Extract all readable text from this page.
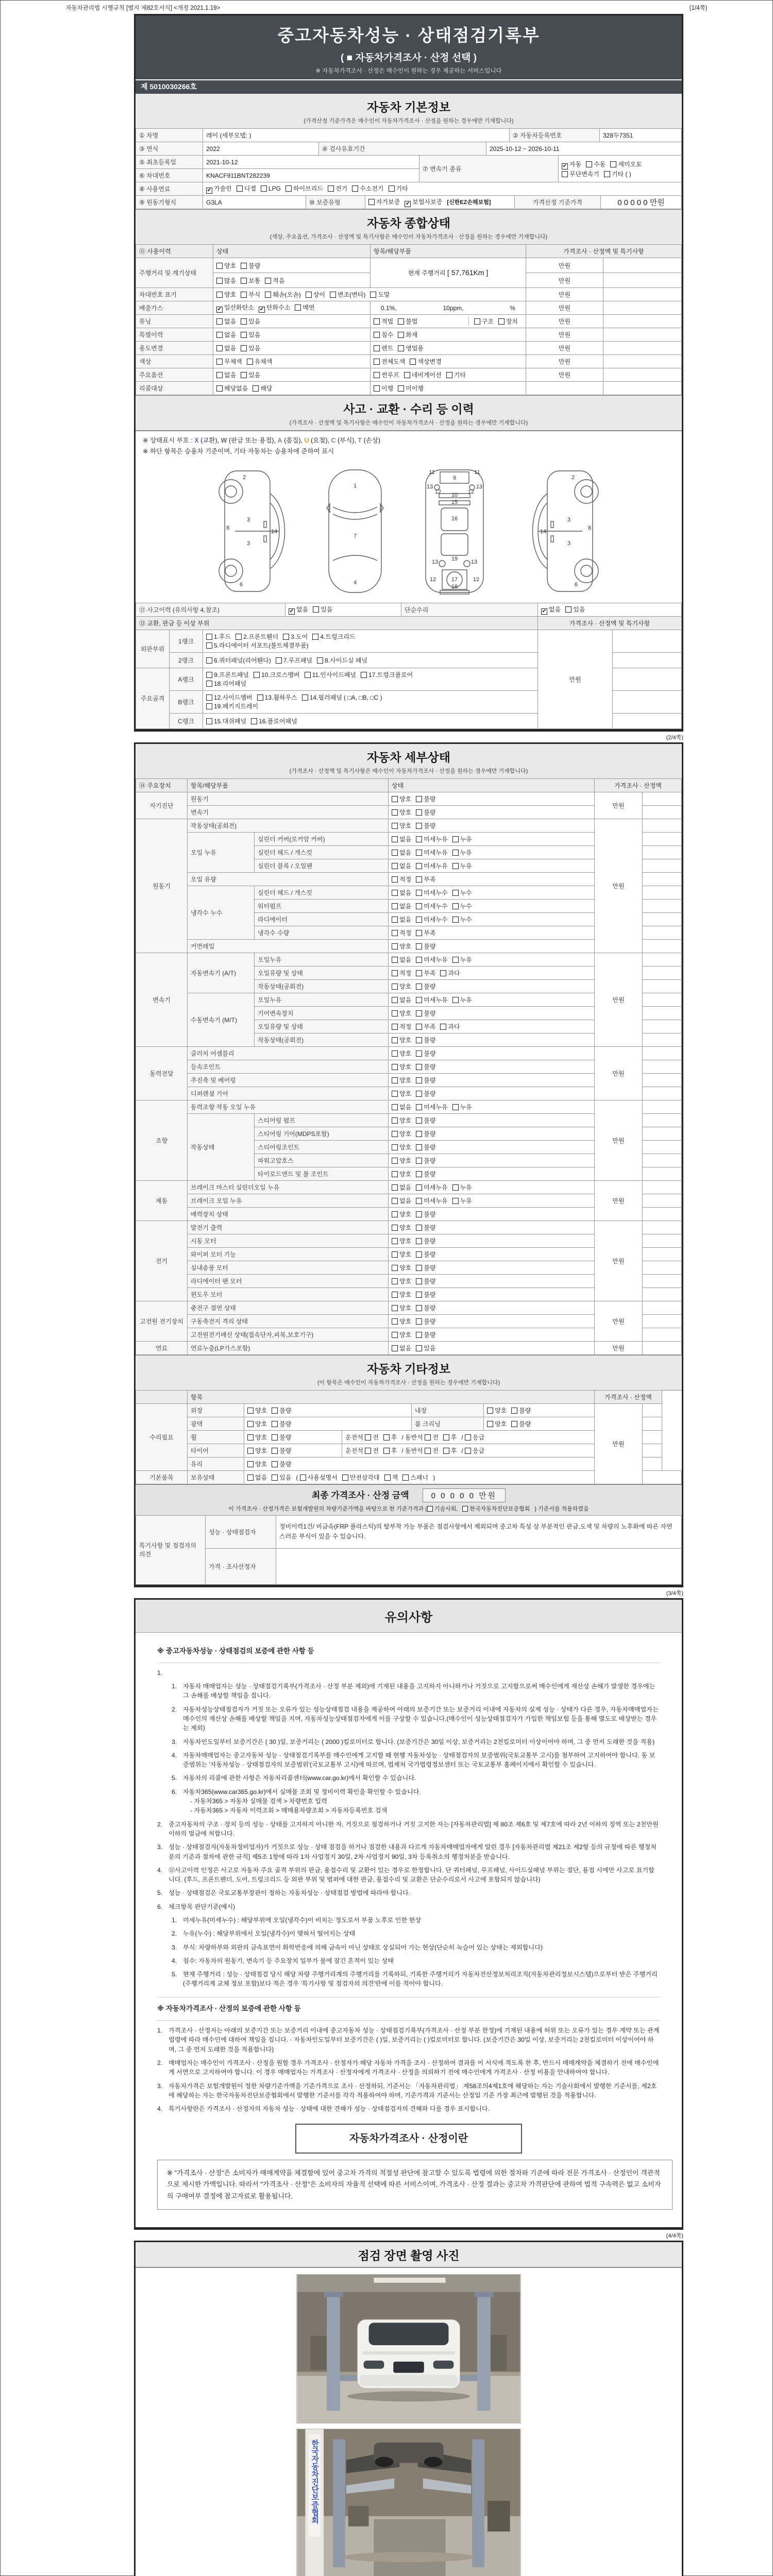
자동차관리법 시행규칙 [별지 제82호서식] <개정 2021.1.19>	(1/4쪽)
중고자동차성능 · 상태점검기록부
( ■ 자동차가격조사 · 산정 선택 )
※ 자동차가격조사 · 산정은 매수인이 원하는 경우 제공하는 서비스입니다
제 5010030266호
자동차 기본정보
(가격산정 기준가격은 매수인이 자동차가격조사 · 산정을 원하는 경우에만 기재합니다)
① 차명	레이 (세부모델: )	② 자동차등록번호	328두7351
③ 연식	2022	④ 검사유효기간	2025-10-12 ~ 2026-10-11
⑤ 최초등록일	2021-10-12	⑦ 변속기 종류	✔ 자동 수동 세미오토
무단변속기 기타 ( )
⑥ 차대번호	KNACF911BNT282239		
⑧ 사용연료	✔ 가솔린 디젤 LPG 하이브리드 전기 수소전기 기타
⑨ 원동기형식	G3LA	⑩ 보증유형	자가보증 ✔ 보험사보증 [신한EZ손해보험]	가격산정 기준가격	0 0 0 0 0 만원
자동차 종합상태
(색상, 주요옵션, 가격조사 · 산정액 및 특기사항은 매수인이 자동차가격조사 · 산정을 원하는 경우에만 기재합니다)
⑪ 사용이력	상태	항목/해당부품	가격조사 · 산정액 및 특기사항	
주행거리 및 계기상태	양호 불량	현재 주행거리 [ 57,761Km ]	만원	
	많음 보통 적음		만원	
차대번호 표기	양호 부식 훼손(오손) 상이 변조(변타) 도말		만원	
배출가스	✔ 일산화탄소 ✔ 탄화수소 매연	0.1%, 10ppm, %	만원	
튜닝	없음 있음	적법 불법 구조 장치	만원	
특별이력	없음 있음	침수 화재	만원	
용도변경	없음 있음	렌트 영업용	만원	
색상	무채색 유채색	전체도색 색상변경	만원	
주요옵션	없음 있음	썬루프 네비게이션 기타	만원	
리콜대상	해당없음 해당	이행 미이행		
사고 · 교환 · 수리 등 이력
(가격조사 · 산정액 및 특기사항은 매수인이 자동차가격조사 · 산정을 원하는 경우에만 기재합니다)
※ 상태표시 부호 : X (교환), W (판금 또는 용접), A (흠집), U (요철), C (부식), T (손상)
※ 하단 항목은 승용차 기준이며, 기타 자동차는 승용차에 준하여 표시
2
8
3
14
3
6
1
7
4
9
11	11
13
12	12
13
10
15
16
13 19 13
12	17	12
18
2
8
3
14
3
6
⑫ 사고이력 (유의사항 4.참조)	✔ 없음 있음	단순수리	✔ 없음 있음
⑬ 교환, 판금 등 이상 부위			가격조사 · 산정액 및 특기사항	
외판부위	1랭크	1.후드 2.프론트휀더 3.도어 4.트렁크리드
5.라디에이터 서포트(볼트체결부품)	만원	
	2랭크	6.쿼터패널(리어휀다) 7.루프패널 8.사이드실 패널		
주요골격	A랭크	9.프론트패널 10.크로스멤버 11.인사이드패널 17.트렁크플로어
18.리어패널		
	B랭크	12.사이드멤버 13.휠하우스 14.필러패널 ( □A, □B, □C )
19.페키지트레이		
	C랭크	15.대쉬패널 16.플로어패널		
(2/4쪽)
자동차 세부상태
(가격조사 · 산정액 및 특기사항은 매수인이 자동차가격조사 · 산정을 원하는 경우에만 기재합니다)
⑭ 주요장치	항목/해당부품		상태	가격조사 · 산정액	
자기진단	원동기		양호 불량	만원	
	변속기		양호 불량		
원동기	작동상태(공회전)		양호 불량	만원	
	오일 누유	실린더 커버(로커암 커버)	없음 미세누유 누유		
		실린더 헤드 / 개스킷	없음 미세누유 누유		
		실린더 블록 / 오일팬	없음 미세누유 누유		
	오일 유량		적정 부족		
	냉각수 누수	실린더 헤드 / 개스킷	없음 미세누수 누수		
		워터펌프	없음 미세누수 누수		
		라디에이터	없음 미세누수 누수		
		냉각수 수량	적정 부족		
	커먼레일		양호 불량		
변속기	자동변속기 (A/T)	오일누유	없음 미세누유 누유	만원	
		오일유량 및 상태	적정 부족 과다		
		작동상태(공회전)	양호 불량		
	수동변속기 (M/T)	오일누유	없음 미세누유 누유		
		기어변속장치	양호 불량		
		오일유량 및 상태	적정 부족 과다		
		작동상태(공회전)	양호 불량		
동력전달	클러치 어셈블리		양호 불량	만원	
	등속조인트		양호 불량		
	추진축 및 베어링		양호 불량		
	디퍼렌셜 기어		양호 불량		
조향	동력조향 작동 오일 누유		없음 미세누유 누유	만원	
	작동상태	스티어링 펌프	양호 불량		
		스티어링 기어(MDPS포함)	양호 불량		
		스티어링조인트	양호 불량		
		파워고압호스	양호 불량		
		타이로드엔드 및 볼 조인트	양호 불량		
제동	브레이크 마스터 실린더오일 누유		없음 미세누유 누유	만원	
	브레이크 오일 누유		없음 미세누유 누유		
	배력장치 상태		양호 불량		
전기	발전기 출력		양호 불량	만원	
	시동 모터		양호 불량		
	와이퍼 모터 기능		양호 불량		
	실내송풍 모터		양호 불량		
	라디에이터 팬 모터		양호 불량		
	윈도우 모터		양호 불량		
고전원 전기장치	충전구 절연 상태		양호 불량	만원	
	구동축전지 격리 상태		양호 불량		
	고전원전기배선 상태(접속단자,피복,보호기구)		양호 불량		
연료	연료누출(LP가스포함)		없음 있음	만원	
자동차 기타정보
(이 항목은 매수인이 자동차가격조사 · 산정을 원하는 경우에만 기재합니다)
	항목					가격조사 · 산정액	
수리필요	외장	양호 불량		내장	양호 불량	만원	
	광택	양호 불량		룸 크리닝	양호 불량		
	휠	양호 불량	운전석 전 후 / 동반석 전 후 / 응급				
	타이어	양호 불량	운전석 전 후 / 동반석 전 후 / 응급				
	유리	양호 불량					
기본품목	보유상태	없음 있음 ( 사용설명서 안전삼각대 잭 스패너 )					
최종 가격조사 · 산정 금액	0 0 0 0 0 만원
이 가격조사 · 산정가격은 보험개발원의 차량기준가액을 바탕으로 한 기준가격과 ( 기술사회, 한국자동차진단보증협회 ) 기준서를 적용하였음
특기사항 및 점검자의 의견	성능 · 상태점검자	정비이력1건/ 비금속(FRP 플라스틱)의 탈부착 가능 부품은 점검사항에서 제외되며 중고차 특성 상 부분적인 판금,도색 및 차량의 노후화에 따른 자연스러운 부식이 있을 수 있습니다.
	가격 · 조사산정자	
(3/4쪽)
유의사항
※ 중고자동차성능 · 상태점검의 보증에 관한 사항 등
1.
1. 자동차 매매업자는 성능 · 상태점검기록부(가격조사 · 산정 부분 제외)에 기재된 내용을 고지하지 아니하거나 거짓으로 고지함으로써 매수인에게 재산상 손해가 발생한 경우에는 그 손해를 배상할 책임을 집니다.
2. 자동차성능상태점검자가 거짓 또는 오류가 있는 성능상태점검 내용을 제공하여 아래의 보증기간 또는 보증거리 이내에 자동차의 실제 성능 · 상태가 다른 경우, 자동차매매업자는 매수인의 재산상 손해를 배상할 책임을 지며, 자동차성능상태점검자에게 이를 구상할 수 있습니다.(매수인이 성능상태점검자가 가입한 책임보험 등을 통해 별도로 배상받는 경우는 제외)
3. 자동차인도일부터 보증기간은 ( 30 )일, 보증거리는 ( 2000 )킬로미터로 합니다. (보증기간은 30일 이상, 보증거리는 2천킬로미터 이상이어야 하며, 그 중 먼저 도래한 것을 적용)
4. 자동차매매업자는 중고자동차 성능 · 상태점검기록부를 매수인에게 고지할 때 현행 자동차성능 · 상태점검자의 보증범위(국토교통부 고시)를 첨부하여 고지하여야 합니다. 동 보증범위는 '자동차성능 · 상태점검자의 보증범위'(국토교통부 고시)에 따르며, 법제처 국가법령정보센터 또는 국토교통부 홈페이지에서 확인할 수 있습니다.
5. 자동차의 리콜에 관한 사항은 자동차리콜센터(www.car.go.kr)에서 확인할 수 있습니다.
6. 자동차365(www.car365.go.kr)에서 실매물 조회 및 정비이력 확인을 확인할 수 있습니다.
- 자동차365 > 자동차 실매물 검색 > 차량번호 입력
- 자동차365 > 자동차 이력조회 > 매매용차량조회 > 자동차등록번호 검색
2. 중고자동차의 구조 · 장치 등의 성능 · 상태를 고지하지 아니한 자, 거짓으로 점검하거나 거짓 고지한 자는 [자동차관리법] 제 80조 제6호 및 제7호에 따라 2년 이하의 징역 또는 2천만원 이하의 벌금에 처합니다.
3. 성능 · 상태점검자(자동차정비업자)가 거짓으로 성능 · 상태 점검을 하거나 점검한 내용과 다르게 자동차매매업자에게 알린 경우 [자동차관리법 제21조 제2항 등의 규정에 따른 행정처분의 기준과 절차에 관한 규칙] 제5조 1항에 따라 1차 사업정지 30일, 2차 사업정지 90일, 3차 등록취소의 행정처분을 받습니다.
4. ⑫사고이력 인정은 사고로 자동차 주요 골격 부위의 판금, 용접수리 및 교환이 있는 경우로 한정합니다. 단 쿼터패널, 루프패널, 사이드실패널 부위는 절단, 용접 시에만 사고로 표기합니다. (후드, 프론트펜더, 도어, 트렁크리드 등 외판 부위 및 범퍼에 대한 판금, 용접수리 및 교환은 단순수리로서 사고에 포함되지 않습니다)
5. 성능 · 상태점검은 국토교통부장관이 정하는 자동차성능 · 상태점검 방법에 따라야 합니다.
6. 체크항목 판단기준(예시)
1. 미세누유(미세누수) : 해당부위에 오일(냉각수)이 비치는 정도로서 부품 노후로 인한 현상
2. 누유(누수) : 해당부위에서 오일(냉각수)이 맺혀서 떨어지는 상태
3. 부식: 차량하부와 외판의 금속표면이 화학반응에 의해 금속이 아닌 상태로 상실되어 가는 현상(단순히 녹슬어 있는 상태는 제외합니다)
4. 침수: 자동차의 원동기, 변속기 등 주요장치 일부가 물에 잠긴 흔적이 있는 상태
5. 현재 주행거리 : 성능 · 상태점검 당시 해당 차량 주행거리계의 주행거리를 기록하되, 기록한 주행거리가 자동차전산정보처리조직(자동차관리정보시스템)으로부터 받은 주행거리(주행거리계 교체 정보 포함)보다 적은 경우 '특기사항 및 점검자의 의견'란에 이를 적어야 합니다.
※ 자동차가격조사 · 산정의 보증에 관한 사항 등
1. 가격조사 · 산정자는 아래의 보증기간 또는 보증거리 이내에 중고자동차 성능 · 상태점검기록부(가격조사 · 산정 부분 한정)에 기재된 내용에 허위 또는 오류가 있는 경우 계약 또는 관계법령에 따라 매수인에 대하여 책임을 집니다. · 자동차인도일부터 보증기간은 ( )일, 보증거리는 ( )킬로미터로 합니다. (보증기간은 30일 이상, 보증거리는 2천킬로미터 이상이어야 하며, 그 중 먼저 도래한 것을 적용합니다)
2. 매매업자는 매수인이 가격조사 · 산정을 원할 경우 가격조사 · 산정자가 해당 자동차 가격을 조사 · 산정하여 결과를 이 서식에 적도록 한 후, 반드시 매매계약을 체결하기 전에 매수인에게 서면으로 고지하여야 합니다. 이 경우 매매업자는 가격조사 · 산정자에게 가격조사 · 산정을 의뢰하기 전에 매수인에게 가격조사 · 산정 비용을 안내하여야 합니다.
3. 자동차가격은 보험개발원이 정한 차량기준가액을 기준가격으로 조사 · 산정하되, 기준서는 「자동차관리법」 제58조의4제1호에 해당하는 자는 기술사회에서 발행한 기준서를, 제2호에 해당하는 자는 한국자동차진단보증협회에서 발행한 기준서를 각각 적용하여야 하며, 기준가격과 기준서는 산정일 기준 가장 최근에 발행된 것을 적용합니다.
4. 특기사항란은 가격조사 · 산정자의 자동차 성능 · 상태에 대한 견해가 성능 · 상태점검자의 견해와 다를 경우 표시합니다.
자동차가격조사 · 산정이란
※ "가격조사 · 산정"은 소비자가 매매계약을 체결함에 있어 중고차 가격의 적절성 판단에 참고할 수 있도록 법령에 의한 절차와 기준에 따라 전문 가격조사 · 산정인이 객관적으로 제시한 가액입니다. 따라서 "가격조사 · 산정"은 소비자의 자율적 선택에 따른 서비스이며, 가격조사 · 산정 결과는 중고차 가격판단에 관하여 법적 구속력은 없고 소비자의 구매여부 결정에 참고자료로 활용됩니다.
(4/4쪽)
점검 장면 촬영 사진
한국자동차진단보증협회
